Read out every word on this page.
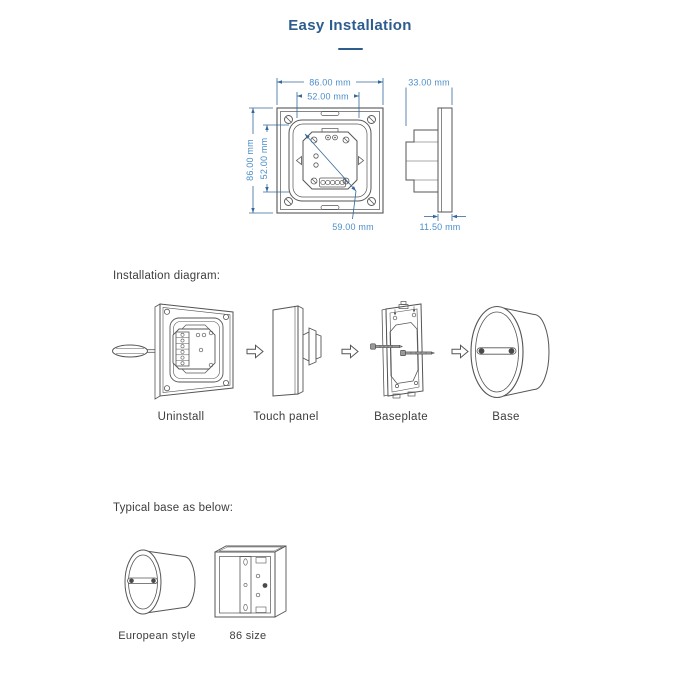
Easy Installation
86.00 mm
52.00 mm
86.00 mm 52.00 mm
33.00 mm
59.00 mm	11.50 mm
Installation diagram:
Uninstall	Touch panel	Baseplate	Base
Typical base as below:
European style	86 size
